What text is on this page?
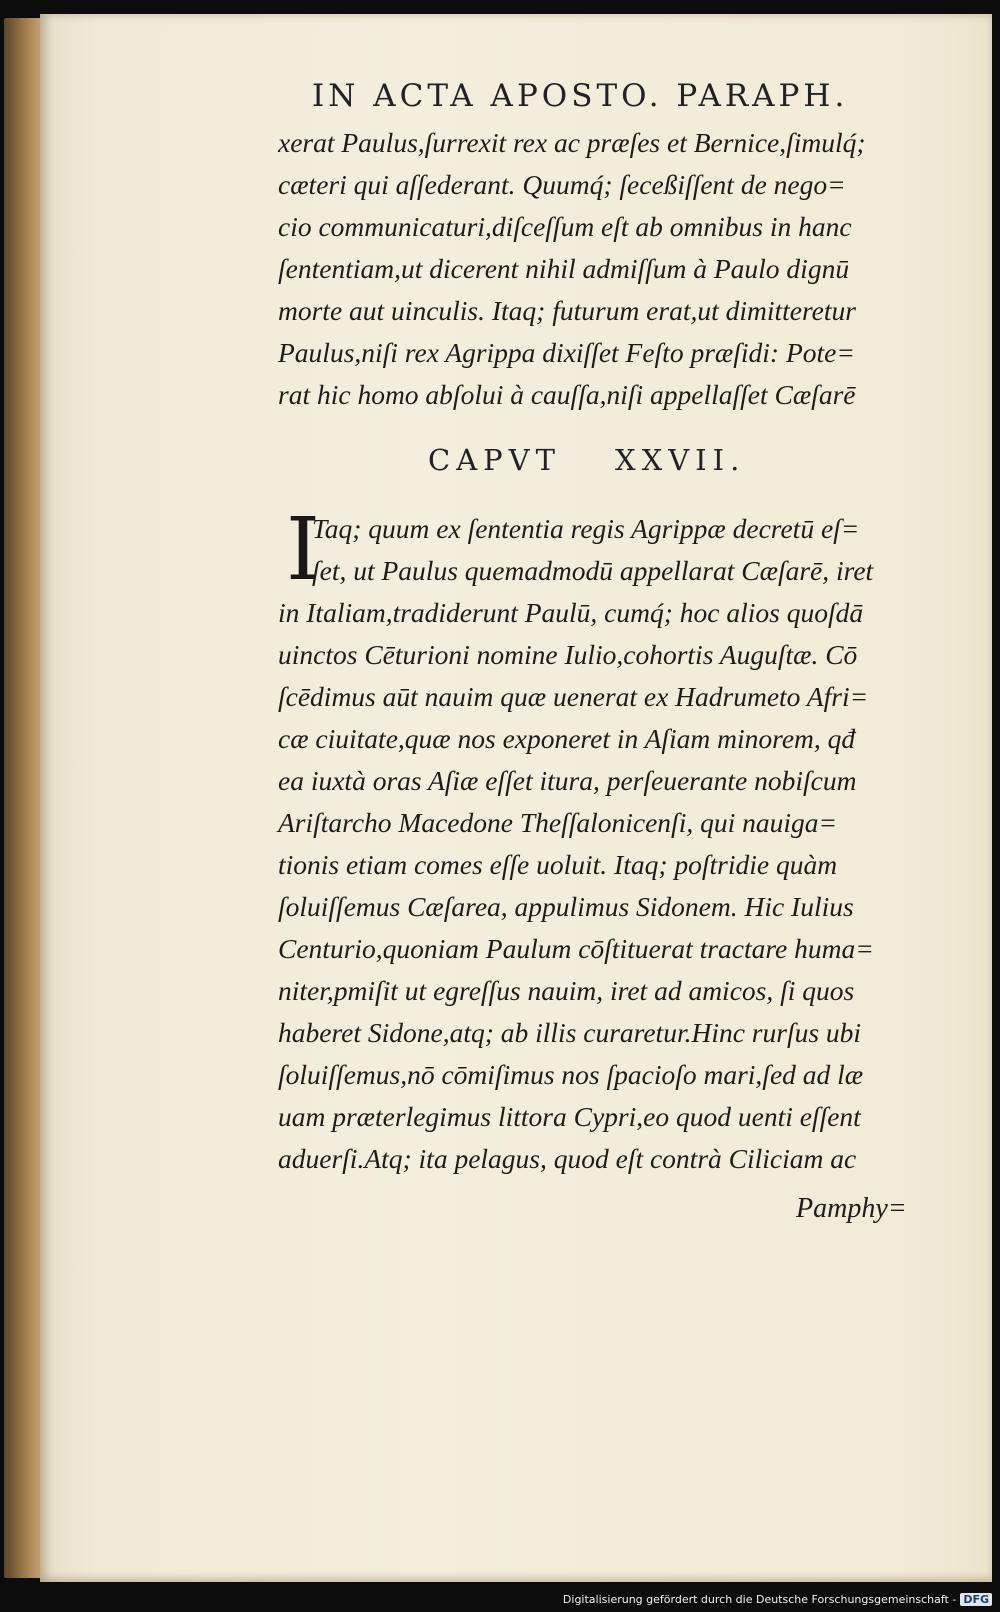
IN ACTA APOSTO. PARAPH.
xerat Paulus,ſurrexit rex ac præſes et Bernice,ſimulq́;
cæteri qui aſſederant. Quumq́; ſeceßiſſent de nego=
cio communicaturi,diſceſſum eſt ab omnibus in hanc
ſententiam,ut dicerent nihil admiſſum à Paulo dignū
morte aut uinculis. Itaq; futurum erat,ut dimitteretur
Paulus,niſi rex Agrippa dixiſſet Feſto præſidi: Pote=
rat hic homo abſolui à cauſſa,niſi appellaſſet Cæſarē
CAPVT XXVII.
I
Taq; quum ex ſententia regis Agrippæ decretū eſ=
ſet, ut Paulus quemadmodū appellarat Cæſarē, iret
in Italiam,tradiderunt Paulū, cumq́; hoc alios quoſdā
uinctos Cēturioni nomine Iulio,cohortis Auguſtæ. Cō
ſcēdimus aūt nauim quæ uenerat ex Hadrumeto Afri=
cæ ciuitate,quæ nos exponeret in Aſiam minorem, qđ
ea iuxtà oras Aſiæ eſſet itura, perſeuerante nobiſcum
Ariſtarcho Macedone Theſſalonicenſi, qui nauiga=
tionis etiam comes eſſe uoluit. Itaq; poſtridie quàm
ſoluiſſemus Cæſarea, appulimus Sidonem. Hic Iulius
Centurio,quoniam Paulum cōſtituerat tractare huma=
niter,pmiſit ut egreſſus nauim, iret ad amicos, ſi quos
haberet Sidone,atq; ab illis curaretur.Hinc rurſus ubi
ſoluiſſemus,nō cōmiſimus nos ſpacioſo mari,ſed ad læ
uam præterlegimus littora Cypri,eo quod uenti eſſent
aduerſi.Atq; ita pelagus, quod eſt contrà Ciliciam ac
Pamphy=
Digitalisierung gefördert durch die Deutsche Forschungsgemeinschaft - DFG
